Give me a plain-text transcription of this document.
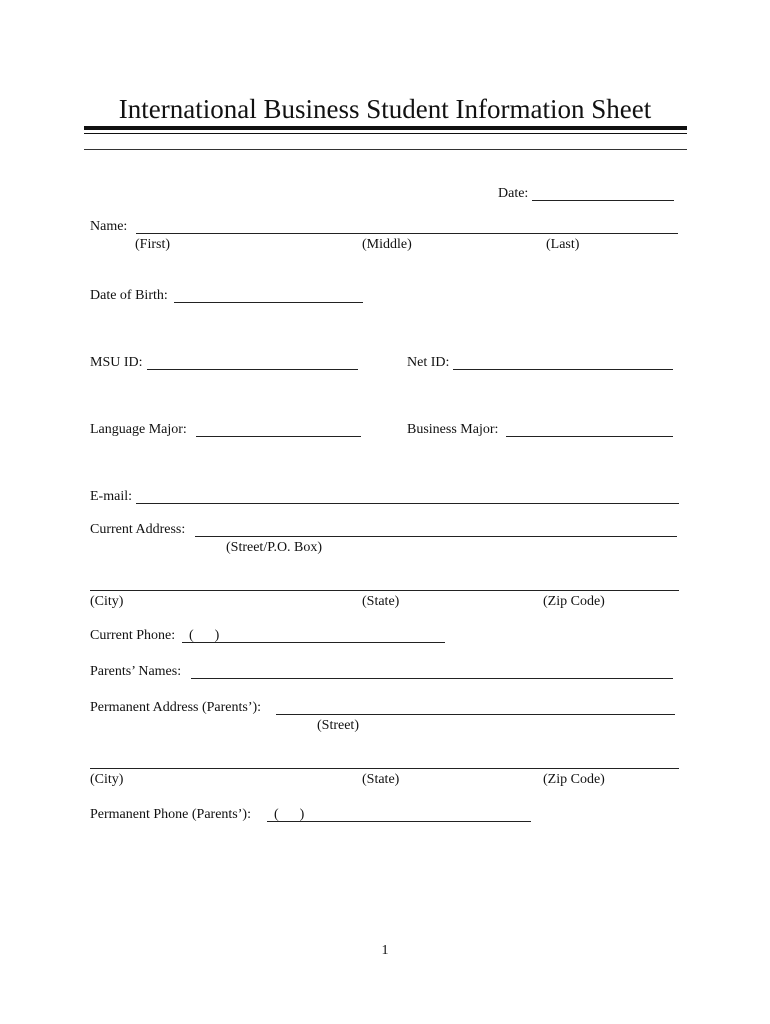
International Business Student Information Sheet
Date:
Name:
(First)	(Middle)	(Last)
Date of Birth:
MSU ID:	Net ID:
Language Major:	Business Major:
E-mail:
Current Address:
(Street/P.O. Box)
(City)	(State)	(Zip Code)
Current Phone: (      )
Parents’ Names:
Permanent Address (Parents’):
(Street)
(City)	(State)	(Zip Code)
Permanent Phone (Parents’): (      )
1
